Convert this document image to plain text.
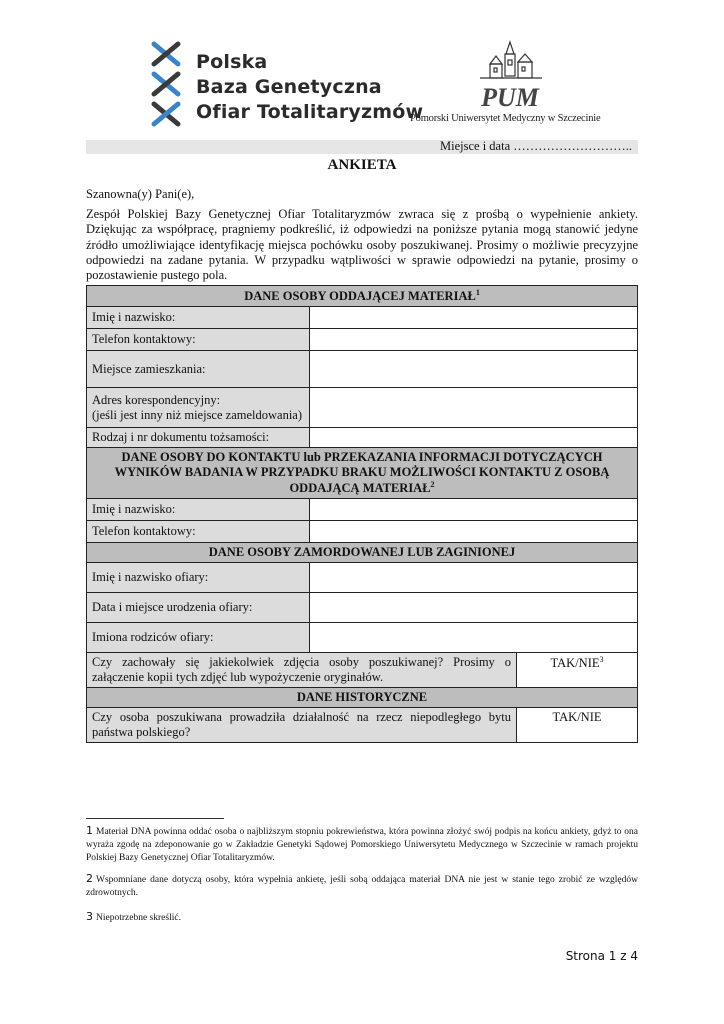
Polska
Baza Genetyczna
Ofiar Totalitaryzmów PUM
Pomorski Uniwersytet Medyczny w Szczecinie
Miejsce i data ………………………..
ANKIETA
Szanowna(y) Pani(e),
Zespół Polskiej Bazy Genetycznej Ofiar Totalitaryzmów zwraca się z prośbą o wypełnienie ankiety. Dziękując za współpracę, pragniemy podkreślić, iż odpowiedzi na poniższe pytania mogą stanowić jedyne źródło umożliwiające identyfikację miejsca pochówku osoby poszukiwanej. Prosimy o możliwie precyzyjne odpowiedzi na zadane pytania. W przypadku wątpliwości w sprawie odpowiedzi na pytanie, prosimy o pozostawienie pustego pola.
DANE OSOBY ODDAJĄCEJ MATERIAŁ$^1$
Imię i nazwisko:		
Telefon kontaktowy:		
Miejsce zamieszkania:		

Adres korespondencyjny:
(jeśli jest inny niż miejsce zameldowania)		

Rodzaj i nr dokumentu tożsamości:		
DANE OSOBY DO KONTAKTU lub PRZEKAZANIA INFORMACJI DOTYCZĄCYCH WYNIKÓW BADANIA W PRZYPADKU BRAKU MOŻLIWOŚCI KONTAKTU Z OSOBĄ ODDAJĄCĄ MATERIAŁ$^2$
Imię i nazwisko:		
Telefon kontaktowy:		
DANE OSOBY ZAMORDOWANEJ LUB ZAGINIONEJ		
Imię i nazwisko ofiary:		
Data i miejsce urodzenia ofiary:		
Imiona rodziców ofiary:		
Czy zachowały się jakiekolwiek zdjęcia osoby poszukiwanej? Prosimy o załączenie kopii tych zdjęć lub wypożyczenie oryginałów.		TAK/NIE$^3$
DANE HISTORYCZNE		
Czy osoba poszukiwana prowadziła działalność na rzecz niepodległego bytu państwa polskiego?		TAK/NIE
1 Materiał DNA powinna oddać osoba o najbliższym stopniu pokrewieństwa, która powinna złożyć swój podpis na końcu ankiety, gdyż to ona wyraża zgodę na zdeponowanie go w Zakładzie Genetyki Sądowej Pomorskiego Uniwersytetu Medycznego w Szczecinie w ramach projektu Polskiej Bazy Genetycznej Ofiar Totalitaryzmów.
2 Wspomniane dane dotyczą osoby, która wypełnia ankietę, jeśli sobą oddająca materiał DNA nie jest w stanie tego zrobić ze względów zdrowotnych.
3 Niepotrzebne skreślić.
Strona 1 z 4
